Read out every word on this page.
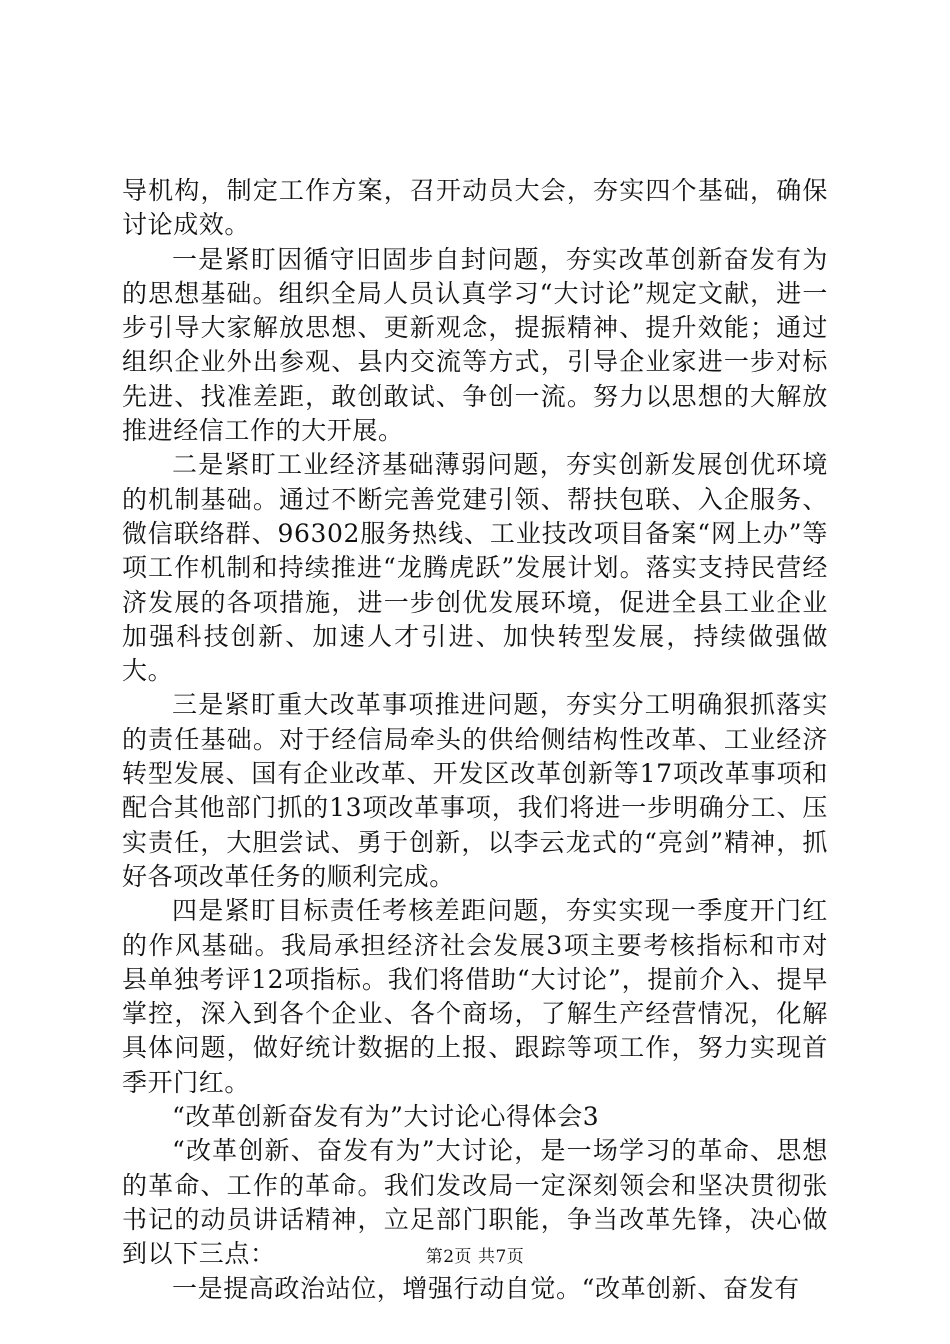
导机构，制定工作方案，召开动员大会，夯实四个基础，确保讨论成效。

一是紧盯因循守旧固步自封问题，夯实改革创新奋发有为的思想基础。组织全局人员认真学习“大讨论”规定文献，进一步引导大家解放思想、更新观念，提振精神、提升效能；通过组织企业外出参观、县内交流等方式，引导企业家进一步对标先进、找准差距，敢创敢试、争创一流。努力以思想的大解放推进经信工作的大开展。

二是紧盯工业经济基础薄弱问题，夯实创新发展创优环境的机制基础。通过不断完善党建引领、帮扶包联、入企服务、微信联络群、96302服务热线、工业技改项目备案“网上办”等项工作机制和持续推进“龙腾虎跃”发展计划。落实支持民营经济发展的各项措施，进一步创优发展环境，促进全县工业企业加强科技创新、加速人才引进、加快转型发展，持续做强做大。

三是紧盯重大改革事项推进问题，夯实分工明确狠抓落实的责任基础。对于经信局牵头的供给侧结构性改革、工业经济转型发展、国有企业改革、开发区改革创新等17项改革事项和配合其他部门抓的13项改革事项，我们将进一步明确分工、压实责任，大胆尝试、勇于创新，以李云龙式的“亮剑”精神，抓好各项改革任务的顺利完成。

四是紧盯目标责任考核差距问题，夯实实现一季度开门红的作风基础。我局承担经济社会发展3项主要考核指标和市对县单独考评12项指标。我们将借助“大讨论”，提前介入、提早掌控，深入到各个企业、各个商场，了解生产经营情况，化解具体问题，做好统计数据的上报、跟踪等项工作，努力实现首季开门红。

“改革创新奋发有为”大讨论心得体会3

“改革创新、奋发有为”大讨论，是一场学习的革命、思想的革命、工作的革命。我们发改局一定深刻领会和坚决贯彻张书记的动员讲话精神，立足部门职能，争当改革先锋，决心做到以下三点：

一是提高政治站位，增强行动自觉。“改革创新、奋发有

第2页 共7页
